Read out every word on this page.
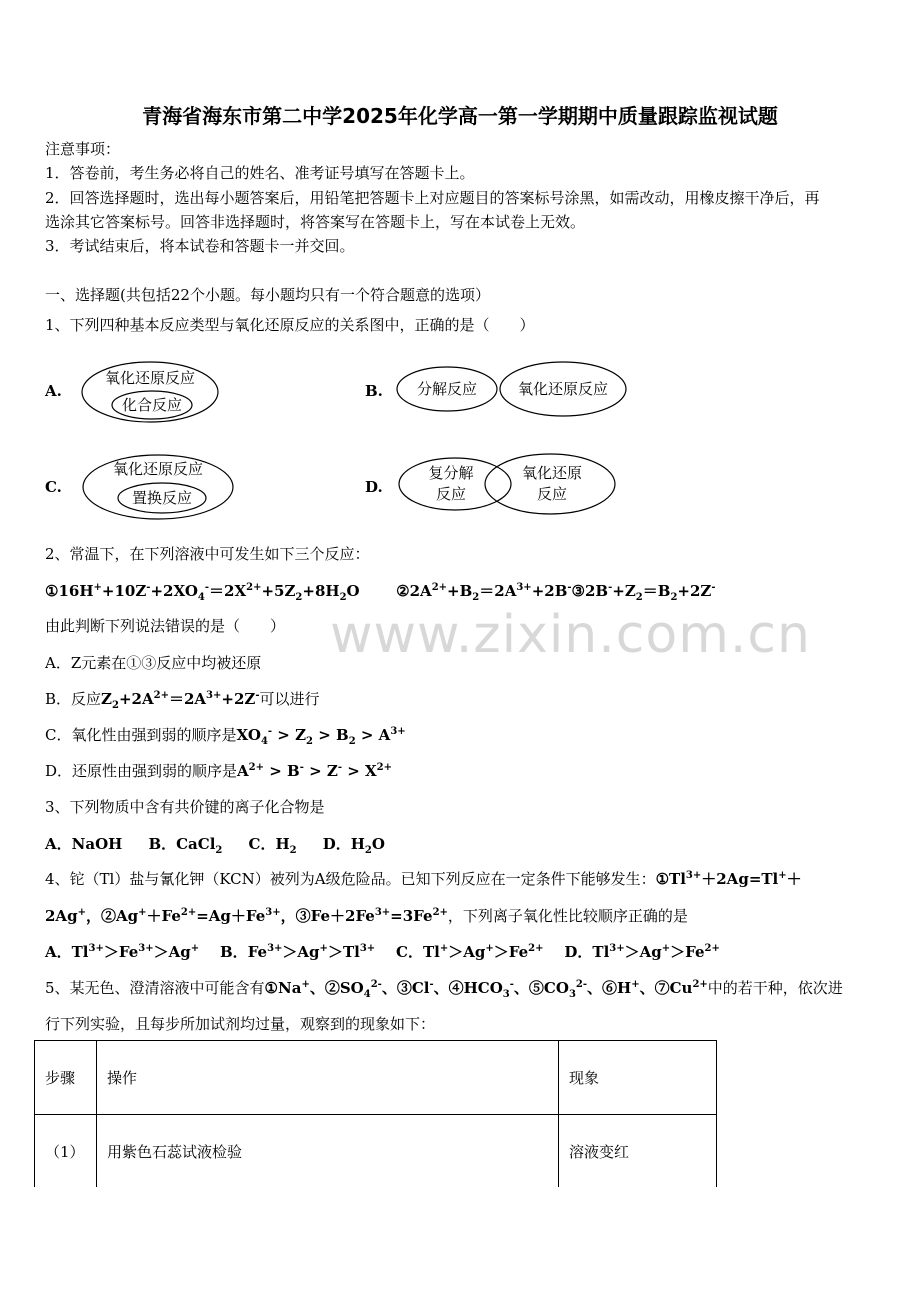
青海省海东市第二中学2025年化学高一第一学期期中质量跟踪监视试题
注意事项：
1．答卷前，考生务必将自己的姓名、准考证号填写在答题卡上。
2．回答选择题时，选出每小题答案后，用铅笔把答题卡上对应题目的答案标号涂黑，如需改动，用橡皮擦干净后，再
选涂其它答案标号。回答非选择题时，将答案写在答题卡上，写在本试卷上无效。
3．考试结束后，将本试卷和答题卡一并交回。
一、选择题(共包括22个小题。每小题均只有一个符合题意的选项）
1、下列四种基本反应类型与氧化还原反应的关系图中，正确的是（　　）
A.
氧化还原反应
化合反应
B. 分解反应	氧化还原反应
C.
氧化还原反应
置换反应
D.
复分解
反应
氧化还原
反应
2、常温下，在下列溶液中可发生如下三个反应：
$①16H^++10Z^-+2XO_4^-=2X^{2+}+5Z_2+8H_2O$       $②2A^{2+}+B_2=2A^{3+}+2B^-③2B^-+Z_2=B_2+2Z^-$
由此判断下列说法错误的是（　　）
A．Z元素在①③反应中均被还原
B．反应$Z_2+2A^{2+}=2A^{3+}+2Z^-$可以进行
C．氧化性由强到弱的顺序是$XO_4^- > Z_2 > B_2 > A^{3+}$
D．还原性由强到弱的顺序是$A^{2+} > B^- > Z^- > X^{2+}$
3、下列物质中含有共价键的离子化合物是
A．NaOH B．CaCl$_2$ C．$H_2$ D．$H_2O$
4、铊（Tl）盐与氰化钾（KCN）被列为A级危险品。已知下列反应在一定条件下能够发生：$①Tl^{3+}+2Ag=Tl^++$
2Ag+，$②Ag^++Fe^{2+}=Ag+Fe^{3+}$，$③Fe+2Fe^{3+}=3Fe^{2+}$，下列离子氧化性比较顺序正确的是
A．$Tl^{3+}>Fe^{3+}>Ag^+$ B．$Fe^{3+}>Ag^+>Tl^{3+}$ C．$Tl^+>Ag^+>Fe^{2+}$ D．$Tl^{3+}>Ag^+>Fe^{2+}$
5、某无色、澄清溶液中可能含有①Na+、$②SO_4^{2-}$、③Cl-、$④HCO_3^-$、$⑤CO_3^{2-}$、⑥H+、$⑦Cu^{2+}$中的若干种，依次进
行下列实验，且每步所加试剂均过量，观察到的现象如下：
步骤	操作	现象
（1）	用紫色石蕊试液检验	溶液变红
www.zixin.com.cn
